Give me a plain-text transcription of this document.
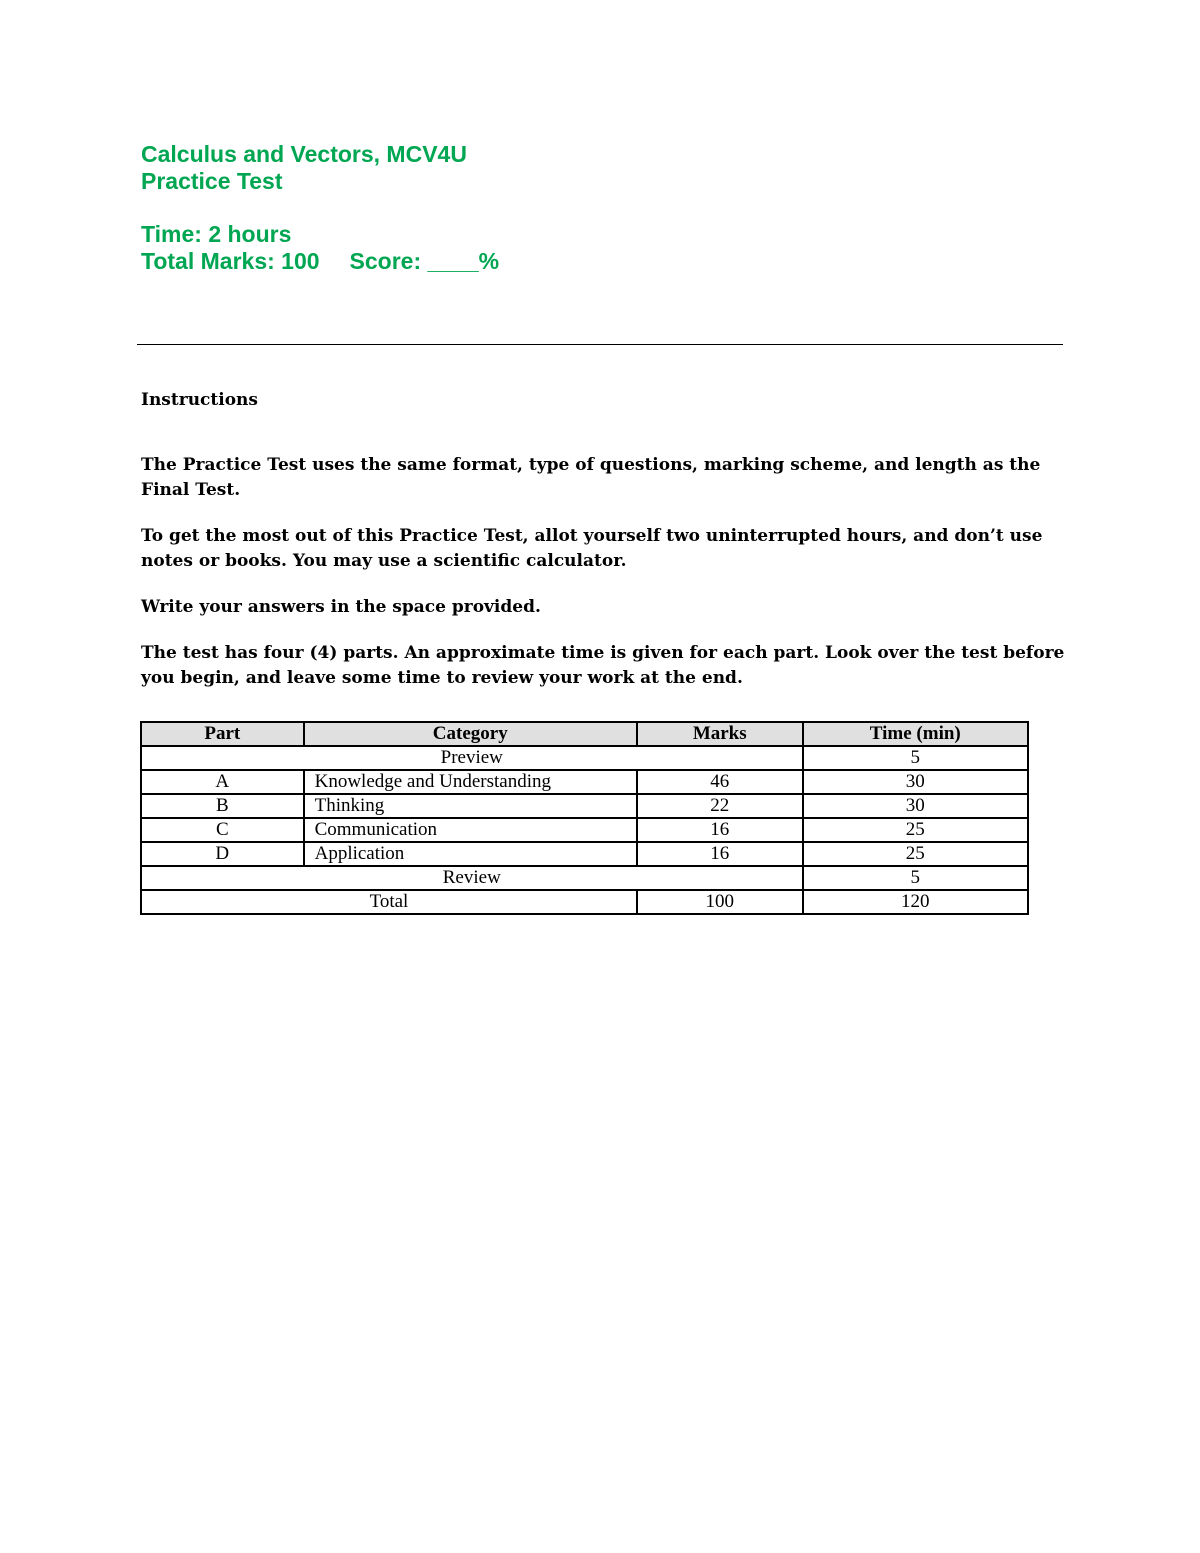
Calculus and Vectors, MCV4U
Practice Test
Time: 2 hours
Total Marks: 100 Score: ____%

Instructions

The Practice Test uses the same format, type of questions, marking scheme, and length as the Final Test.

To get the most out of this Practice Test, allot yourself two uninterrupted hours, and don’t use notes or books. You may use a scientific calculator.

Write your answers in the space provided.

The test has four (4) parts. An approximate time is given for each part. Look over the test before you begin, and leave some time to review your work at the end.

Part	Category	Marks	Time (min)
Preview			5
A	Knowledge and Understanding	46	30
B	Thinking	22	30
C	Communication	16	25
D	Application	16	25
Review			5
Total		100	120
